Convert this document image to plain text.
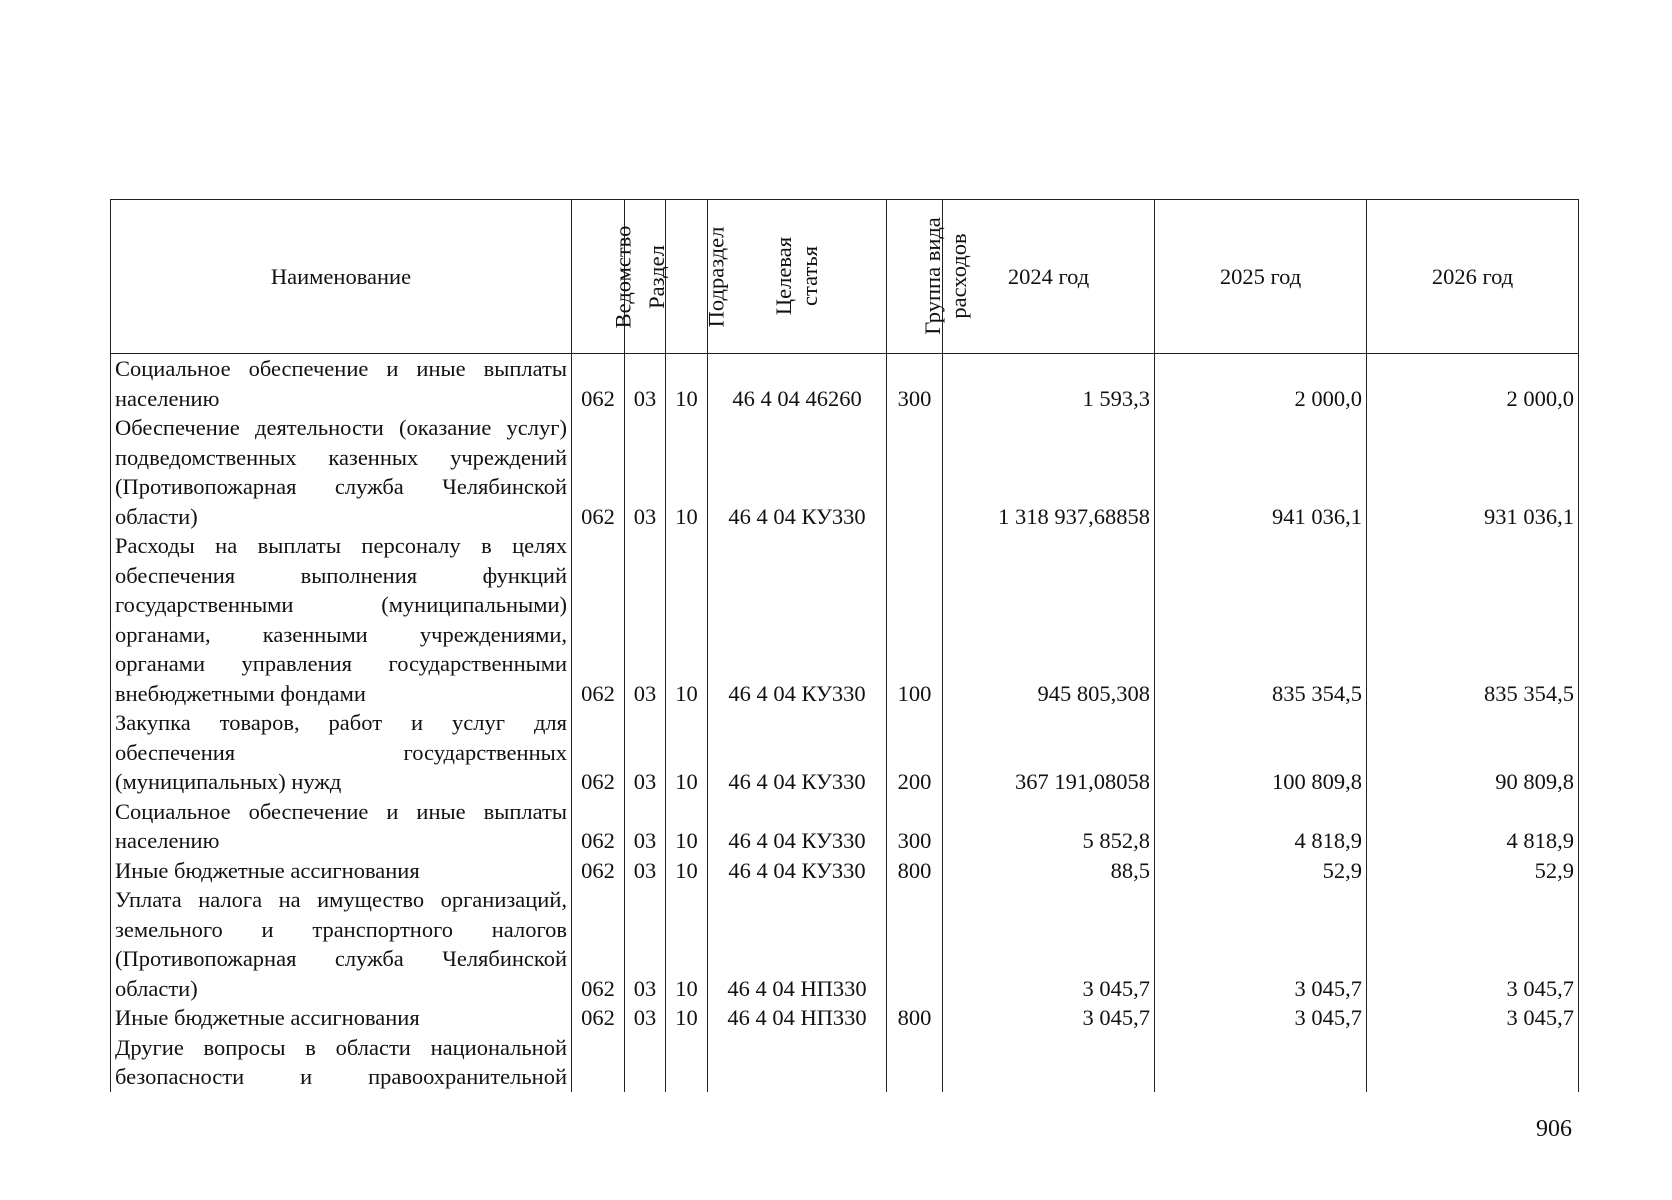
Наименование	Ведомство	Раздел	Подраздел	Целевая статья	Группа вида расходов	2024 год	2025 год	2026 год
Социальное обеспечение и иные выплаты населению	062	03	10	46 4 04 46260	300	1 593,3	2 000,0	2 000,0
Обеспечение деятельности (оказание услуг) подведомственных казенных учреждений (Противопожарная служба Челябинской области)	062	03	10	46 4 04 КУ330		1 318 937,68858	941 036,1	931 036,1
Расходы на выплаты персоналу в целях обеспечения выполнения функций государственными (муниципальными) органами, казенными учреждениями, органами управления государственными внебюджетными фондами	062	03	10	46 4 04 КУ330	100	945 805,308	835 354,5	835 354,5
Закупка товаров, работ и услуг для обеспечения государственных (муниципальных) нужд	062	03	10	46 4 04 КУ330	200	367 191,08058	100 809,8	90 809,8
Социальное обеспечение и иные выплаты населению	062	03	10	46 4 04 КУ330	300	5 852,8	4 818,9	4 818,9
Иные бюджетные ассигнования	062	03	10	46 4 04 КУ330	800	88,5	52,9	52,9
Уплата налога на имущество организаций, земельного и транспортного налогов (Противопожарная служба Челябинской области)	062	03	10	46 4 04 НП330		3 045,7	3 045,7	3 045,7
Иные бюджетные ассигнования	062	03	10	46 4 04 НП330	800	3 045,7	3 045,7	3 045,7
Другие вопросы в области национальной безопасности и правоохранительной								
906
